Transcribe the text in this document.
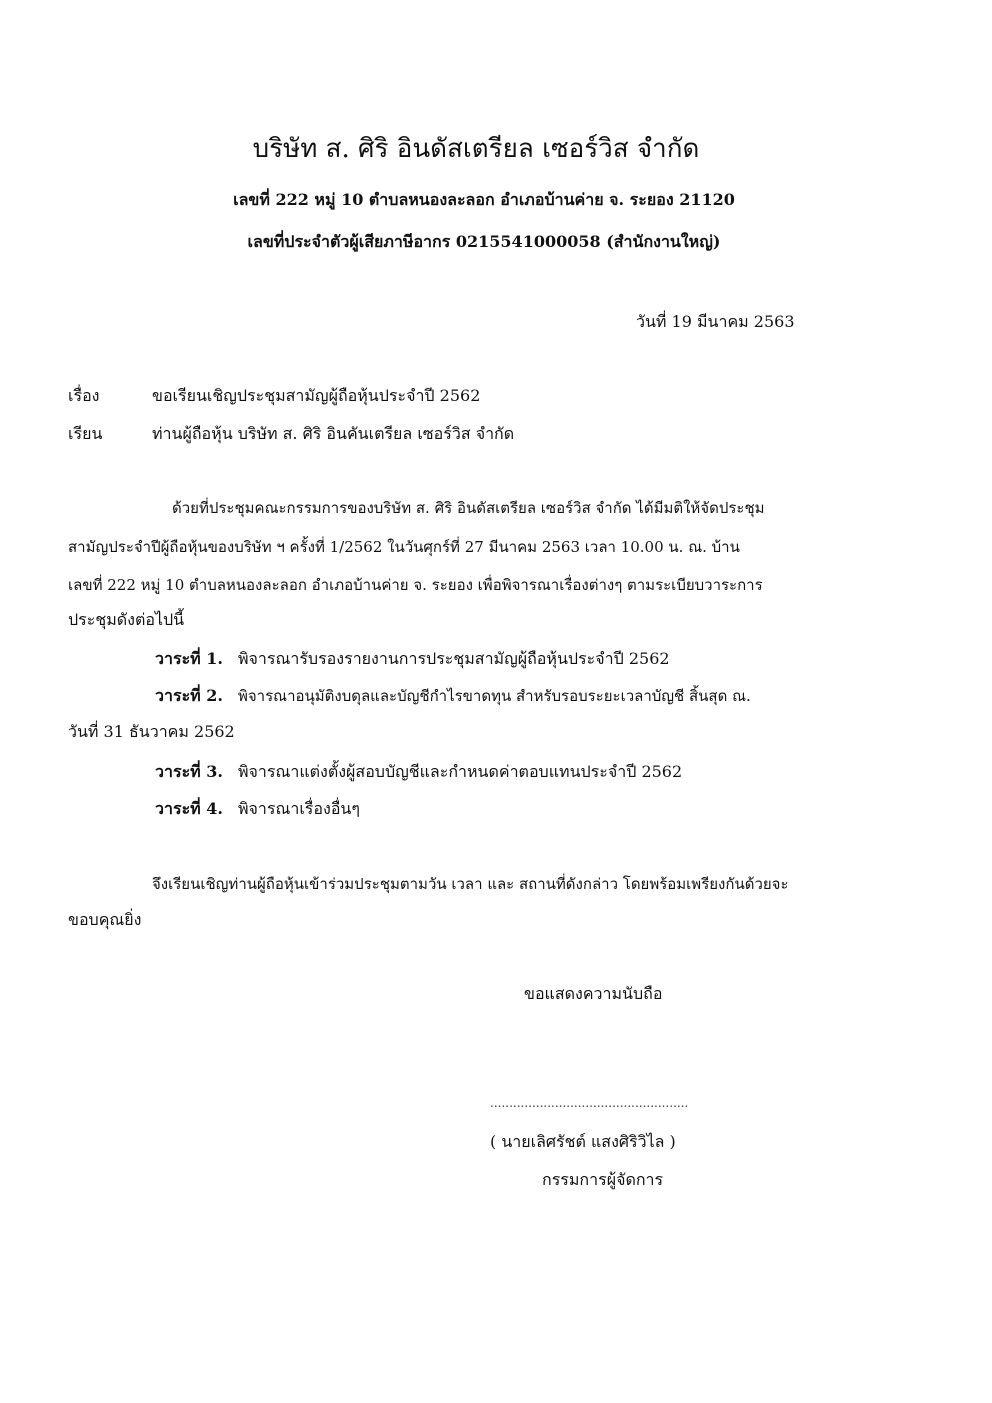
บริษัท ส. ศิริ อินดัสเตรียล เซอร์วิส จำกัด
เลขที่ 222 หมู่ 10 ตำบลหนองละลอก อำเภอบ้านค่าย จ. ระยอง 21120
เลขที่ประจำตัวผู้เสียภาษีอากร 0215541000058 (สำนักงานใหญ่)
วันที่ 19 มีนาคม 2563
เรื่อง	ขอเรียนเชิญประชุมสามัญผู้ถือหุ้นประจำปี 2562
เรียน	ท่านผู้ถือหุ้น บริษัท ส. ศิริ อินคันเตรียล เซอร์วิส จำกัด
ด้วยที่ประชุมคณะกรรมการของบริษัท ส. ศิริ อินดัสเตรียล เซอร์วิส จำกัด ได้มีมติให้จัดประชุม
สามัญประจำปีผู้ถือหุ้นของบริษัท ฯ ครั้งที่ 1/2562 ในวันศุกร์ที่ 27 มีนาคม 2563 เวลา 10.00 น. ณ. บ้าน
เลขที่ 222 หมู่ 10 ตำบลหนองละลอก อำเภอบ้านค่าย จ. ระยอง เพื่อพิจารณาเรื่องต่างๆ ตามระเบียบวาระการ
ประชุมดังต่อไปนี้
วาระที่ 1. พิจารณารับรองรายงานการประชุมสามัญผู้ถือหุ้นประจำปี 2562
วาระที่ 2. พิจารณาอนุมัติงบดุลและบัญชีกำไรขาดทุน สำหรับรอบระยะเวลาบัญชี สิ้นสุด ณ.
วันที่ 31 ธันวาคม 2562
วาระที่ 3. พิจารณาแต่งตั้งผู้สอบบัญชีและกำหนดค่าตอบแทนประจำปี 2562
วาระที่ 4. พิจารณาเรื่องอื่นๆ
จึงเรียนเชิญท่านผู้ถือหุ้นเข้าร่วมประชุมตามวัน เวลา และ สถานที่ดังกล่าว โดยพร้อมเพรียงกันด้วยจะ
ขอบคุณยิ่ง
ขอแสดงความนับถือ
....................................................
( นายเลิศรัชต์ แสงศิริวิไล )
กรรมการผู้จัดการ
